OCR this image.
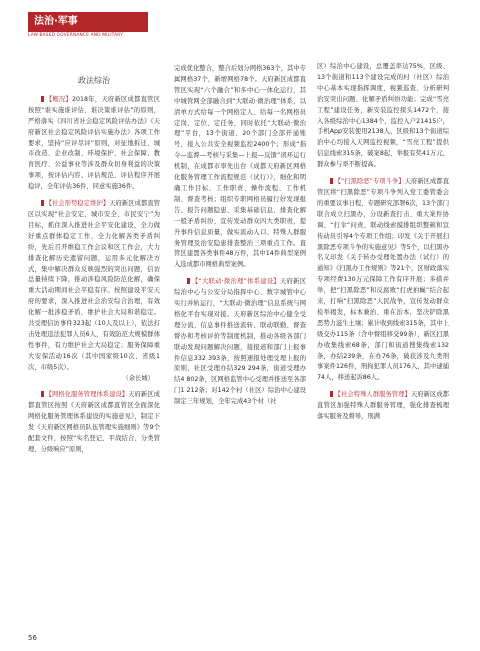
法治·军事
LAW-BASED GOVERNANCE AND MILITARY
政法综治

【概况】2018年，天府新区成都直管区按照“谁实施谁评估、谁决策谁评估”的原则，严格落实《四川省社会稳定风险评估办法》《天府新区社会稳定风险评估实施办法》各项工作要求，坚持“应评尽评”原则，对征地拆迁、城市改造、企业改制、环境保护、社会保障、教育医疗、公益事业等涉及群众切身利益的决策事项，按评估内容、评估规范、评估程序开展稳评，全年评估36件，同意实施36件。

【社会形势稳定维护】天府新区成都直管区以实现“社会安定、城市安全、市民安宁”为目标，抓住深入推进社会平安化建设，全力做好重点群体稳定工作，全力化解各类矛盾纠纷，先后召开维稳工作会议和区工作会，大力排查化解历史遗留问题，运用多元化解决方式，集中解决群众反映强烈的突出问题，信访总量持续下降，推动涉稳风险防范化解，确保重大活动期间社会平稳有序。按照建设平安天府的要求，深入推进社会治安综合治理，有效化解一批涉稳矛盾，维护社会大局和谐稳定。共受理信访事件323起（10人及以上），依法打击处理违法犯罪人员6人，有效防范大规模群体性事件，有力维护社会大局稳定；服务保障重大安保活动16次（其中国家级10次、省级1次、市级5次）。

（余长城）

【网格化服务管理体系建设】天府新区成都直管区按照《天府新区成都直管区全面深化网格化服务管理体系建设的实施意见》，制定下发《天府新区网格员队伍管理实施细则》等9个配套文件，按照“实名登记、平战结合、分类管理、分级响应”原则，

完成优化整合，整合后划分网格363个，其中专属网格37个，新增网格78个。天府新区成都直管区实现“六个融合”和多中心一体化运行，其中城管网全部融合到“大联动·微治理”体系，以清单方式给每一个网格定人、给每一名网格员定岗、定位、定任务，同时依托“大联动·微治理”平台，13个街道、20个部门全部开通账号，接入公共安全视频监控2400个；形成“指令—监督—考核与采集—上报—反馈”闭环运行机制，在成都市率先出台《成都天府新区网格化服务管理工作流程规范（试行）》，细化和明确工作目标、工作职责、操作流程、工作机制、督查考核；组织专职网格员履行好发现报告、报告问题隐患、采集基础信息、排查化解一般矛盾纠纷、宣传发动群众四大类职责，提升事件信息质量，做实流动人口、特殊人群服务管理及治安隐患排查整治三项重点工作。直管区建置各类事件48万件，其中14件典型案例入选成都市网格典型案例。

【“大联动·微治理”体系建设】天府新区综治中心与公安分局指挥中心、数字城管中心实行并轨运行，“大联动·微治理”信息系统与网格化平台实现对接。天府新区综治中心健全受理分流、信息事件推送流转、联动联勤、督查督办和考核评价等制度机制，推动各级各部门联动发现问题解决问题，接报道和部门上报事件信息332 393条，按照速报处理受理上报的原则，社区受理办结329 294条，街道受理办结4 802条，区网格监管中心受理并推送至各部门1 212条；对142个村（社区）综治中心建设制定三年规划，全年完成43个村（社

区）综治中心建设，总覆盖率达75%，区级、13个街道和113个建设完成的村（社区）综治中心基本实现指挥调度、视频巡查、分析研判治安突出问题、化解矛盾纠纷功能；完成“雪亮工程”建设任务，新安装监控探头1472个，接入各级综治中心1384个，监控入户21415户，手机App安装使用2138人，区级和13个街道综治中心均接入天网监控视频，“雪亮工程”提供信息线索315条，破案8起，举报有奖41万元，群众参与率不断提高。

【“扫黑除恶”专项斗争】天府新区成都直管区将“扫黑除恶”专项斗争列入党工委管委会的重要议事日程，专题研究部署6次，13个部门联合成立扫黑办，分设新查打击、重大案件协调、“打伞”问责、联动线索摸排组织整顿和宣传动员引导4个专项工作组；印发《关于开展扫黑除恶专项斗争的实施意见》等5个，以扫黑办名义印发《关于转办受理处置办法（试行）的通知》《扫黑办工作规则》等21个，区财政落实专项经费130万元保障工作有序开展；多措并举，把“扫黑除恶”和反腐败“打虎拍蝇”结合起来，打响“扫黑除恶”人民战争，宣传发动群众检举揭发，标本兼治、重在治本，坚决铲除黑恶势力滋生土壤；累计收到线索315条，其中上级交办115条（含中督组移交99条），新区扫黑办收集线索68条，部门和街道搜集线索132条，办结239条，在办76条，破获涉及九类刑事案件126件，刑拘犯罪人员176人，其中逮捕74人，移送起诉86人。

【社会特殊人群服务管理】天府新区成都直管区加强特殊人群服务管理，强化排查梳理落实服务及督导，刑满

56
